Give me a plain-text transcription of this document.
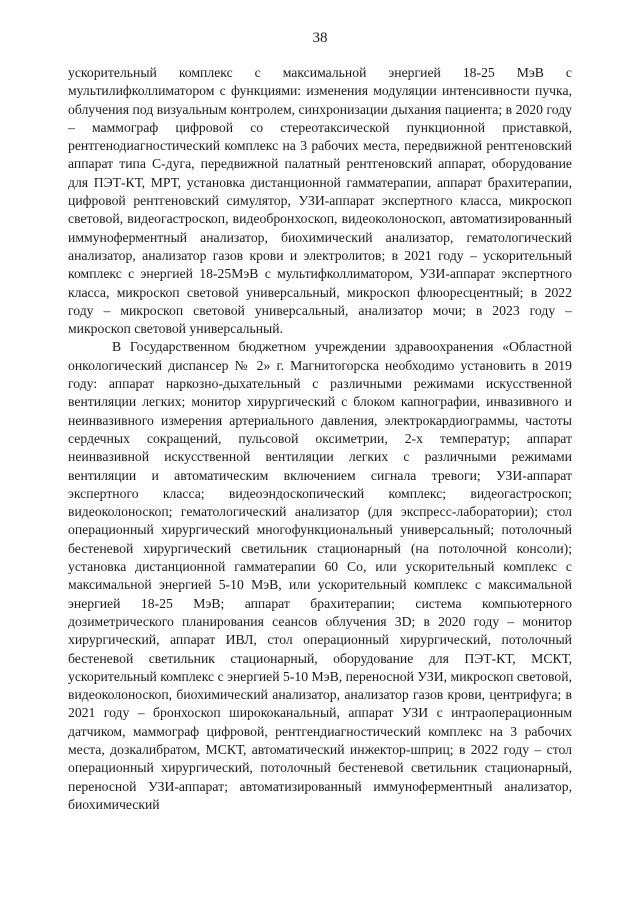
38

ускорительный комплекс с максимальной энергией 18-25 МэВ с мультилифколлиматором с функциями: изменения модуляции интенсивности пучка, облучения под визуальным контролем, синхронизации дыхания пациента; в 2020 году – маммограф цифровой со стереотаксической пункционной приставкой, рентгенодиагностический комплекс на 3 рабочих места, передвижной рентгеновский аппарат типа С-дуга, передвижной палатный рентгеновский аппарат, оборудование для ПЭТ-КТ, МРТ, установка дистанционной гамматерапии, аппарат брахитерапии, цифровой рентгеновский симулятор, УЗИ-аппарат экспертного класса, микроскоп световой, видеогастроскоп, видеобронхоскоп, видеоколоноскоп, автоматизированный иммуноферментный анализатор, биохимический анализатор, гематологический анализатор, анализатор газов крови и электролитов; в 2021 году – ускорительный комплекс с энергией 18-25МэВ с мультифколлиматором, УЗИ-аппарат экспертного класса, микроскоп световой универсальный, микроскоп флюоресцентный; в 2022 году – микроскоп световой универсальный, анализатор мочи; в 2023 году – микроскоп световой универсальный.

В Государственном бюджетном учреждении здравоохранения «Областной онкологический диспансер № 2» г. Магнитогорска необходимо установить в 2019 году: аппарат наркозно-дыхательный с различными режимами искусственной вентиляции легких; монитор хирургический с блоком капнографии, инвазивного и неинвазивного измерения артериального давления, электрокардиограммы, частоты сердечных сокращений, пульсовой оксиметрии, 2-х температур; аппарат неинвазивной искусственной вентиляции легких с различными режимами вентиляции и автоматическим включением сигнала тревоги; УЗИ-аппарат экспертного класса; видеоэндоскопический комплекс; видеогастроскоп; видеоколоноскоп; гематологический анализатор (для экспресс-лаборатории); стол операционный хирургический многофункциональный универсальный; потолочный бестеневой хирургический светильник стационарный (на потолочной консоли); установка дистанционной гамматерапии 60 Со, или ускорительный комплекс с максимальной энергией 5-10 МэВ, или ускорительный комплекс с максимальной энергией 18-25 МэВ; аппарат брахитерапии; система компьютерного дозиметрического планирования сеансов облучения 3D; в 2020 году – монитор хирургический, аппарат ИВЛ, стол операционный хирургический, потолочный бестеневой светильник стационарный, оборудование для ПЭТ-КТ, МСКТ, ускорительный комплекс с энергией 5-10 МэВ, переносной УЗИ, микроскоп световой, видеоколоноскоп, биохимический анализатор, анализатор газов крови, центрифуга; в 2021 году – бронхоскоп ширококанальный, аппарат УЗИ с интраоперационным датчиком, маммограф цифровой, рентгендиагностический комплекс на 3 рабочих места, дозкалибратом, МСКТ, автоматический инжектор-шприц; в 2022 году – стол операционный хирургический, потолочный бестеневой светильник стационарный, переносной УЗИ-аппарат; автоматизированный иммуноферментный анализатор, биохимический
